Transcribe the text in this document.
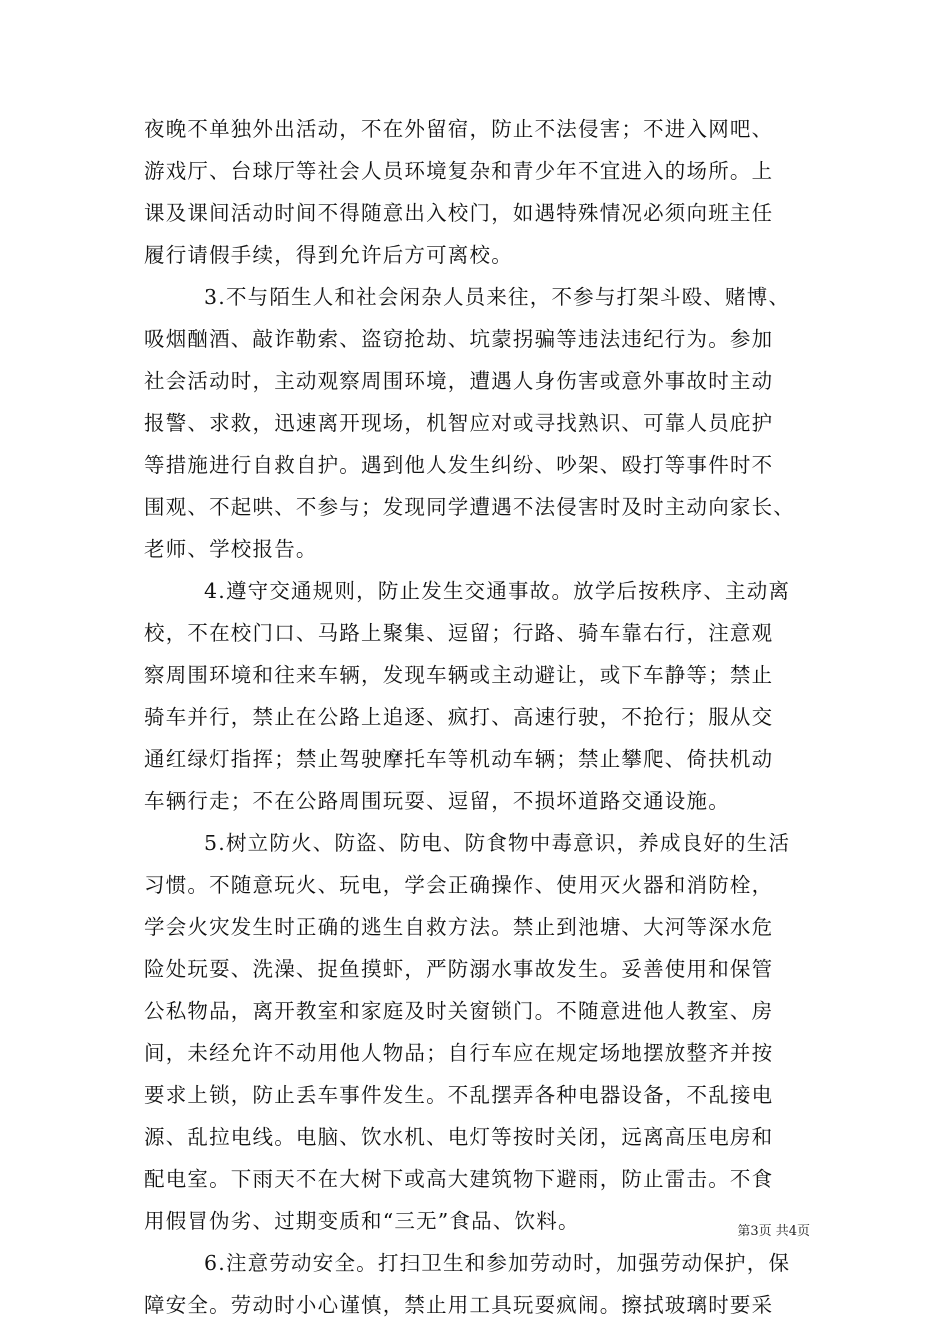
夜晚不单独外出活动，不在外留宿，防止不法侵害；不进入网吧、
游戏厅、台球厅等社会人员环境复杂和青少年不宜进入的场所。上
课及课间活动时间不得随意出入校门，如遇特殊情况必须向班主任
履行请假手续，得到允许后方可离校。
3.不与陌生人和社会闲杂人员来往，不参与打架斗殴、赌博、
吸烟酗酒、敲诈勒索、盗窃抢劫、坑蒙拐骗等违法违纪行为。参加
社会活动时，主动观察周围环境，遭遇人身伤害或意外事故时主动
报警、求救，迅速离开现场，机智应对或寻找熟识、可靠人员庇护
等措施进行自救自护。遇到他人发生纠纷、吵架、殴打等事件时不
围观、不起哄、不参与；发现同学遭遇不法侵害时及时主动向家长、
老师、学校报告。
4.遵守交通规则，防止发生交通事故。放学后按秩序、主动离
校，不在校门口、马路上聚集、逗留；行路、骑车靠右行，注意观
察周围环境和往来车辆，发现车辆或主动避让，或下车静等；禁止
骑车并行，禁止在公路上追逐、疯打、高速行驶，不抢行；服从交
通红绿灯指挥；禁止驾驶摩托车等机动车辆；禁止攀爬、倚扶机动
车辆行走；不在公路周围玩耍、逗留，不损坏道路交通设施。
5.树立防火、防盗、防电、防食物中毒意识，养成良好的生活
习惯。不随意玩火、玩电，学会正确操作、使用灭火器和消防栓，
学会火灾发生时正确的逃生自救方法。禁止到池塘、大河等深水危
险处玩耍、洗澡、捉鱼摸虾，严防溺水事故发生。妥善使用和保管
公私物品，离开教室和家庭及时关窗锁门。不随意进他人教室、房
间，未经允许不动用他人物品；自行车应在规定场地摆放整齐并按
要求上锁，防止丢车事件发生。不乱摆弄各种电器设备，不乱接电
源、乱拉电线。电脑、饮水机、电灯等按时关闭，远离高压电房和
配电室。下雨天不在大树下或高大建筑物下避雨，防止雷击。不食
用假冒伪劣、过期变质和“三无”食品、饮料。
6.注意劳动安全。打扫卫生和参加劳动时，加强劳动保护，保
障安全。劳动时小心谨慎，禁止用工具玩耍疯闹。擦拭玻璃时要采
第3页 共4页
